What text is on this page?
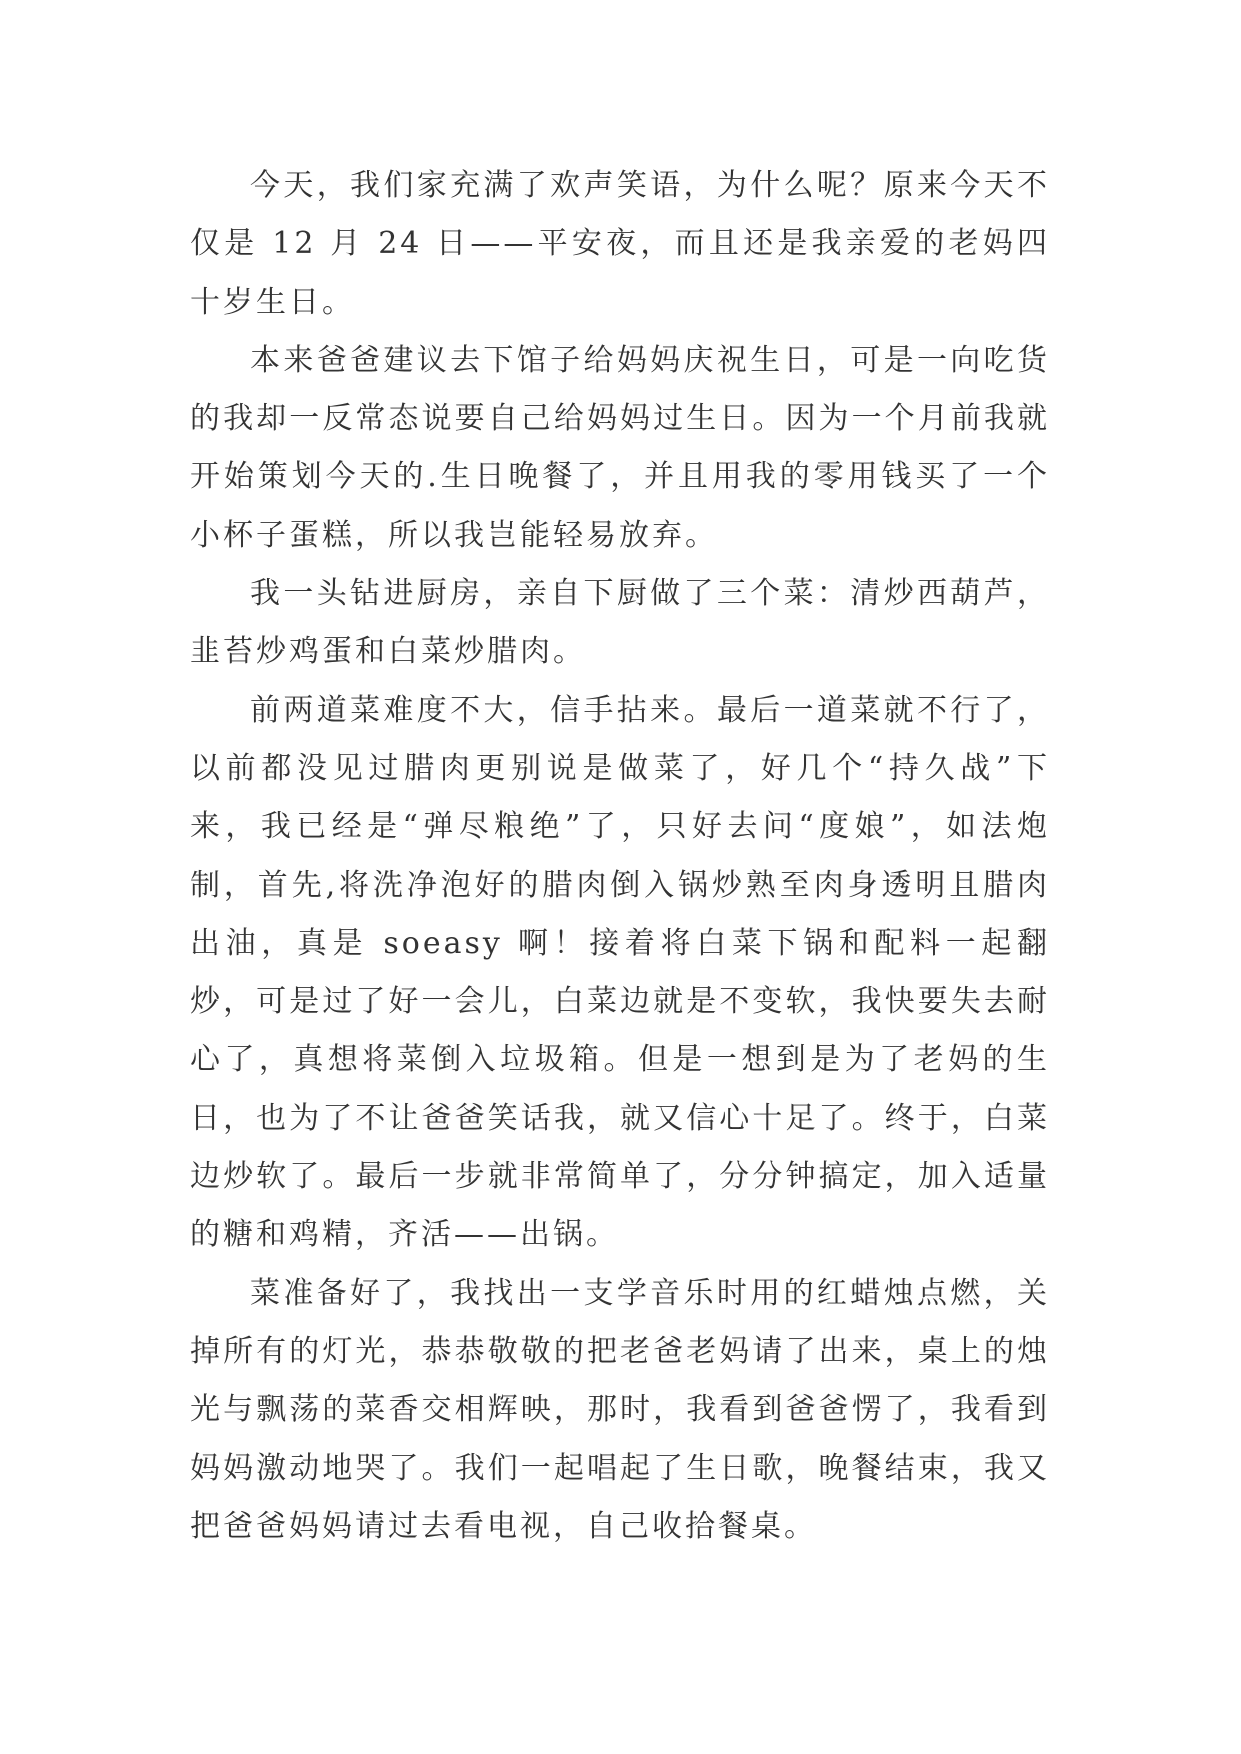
今天，我们家充满了欢声笑语，为什么呢？原来今天不仅是 12 月 24 日——平安夜，而且还是我亲爱的老妈四十岁生日。

本来爸爸建议去下馆子给妈妈庆祝生日，可是一向吃货的我却一反常态说要自己给妈妈过生日。因为一个月前我就开始策划今天的.生日晚餐了，并且用我的零用钱买了一个小杯子蛋糕，所以我岂能轻易放弃。

我一头钻进厨房，亲自下厨做了三个菜：清炒西葫芦，韭苔炒鸡蛋和白菜炒腊肉。

前两道菜难度不大，信手拈来。最后一道菜就不行了，以前都没见过腊肉更别说是做菜了，好几个“持久战”下来，我已经是“弹尽粮绝”了，只好去问“度娘”，如法炮制，首先,将洗净泡好的腊肉倒入锅炒熟至肉身透明且腊肉出油，真是 soeasy 啊！接着将白菜下锅和配料一起翻炒，可是过了好一会儿，白菜边就是不变软，我快要失去耐心了，真想将菜倒入垃圾箱。但是一想到是为了老妈的生日，也为了不让爸爸笑话我，就又信心十足了。终于，白菜边炒软了。最后一步就非常简单了，分分钟搞定，加入适量的糖和鸡精，齐活——出锅。

菜准备好了，我找出一支学音乐时用的红蜡烛点燃，关掉所有的灯光，恭恭敬敬的把老爸老妈请了出来，桌上的烛光与飘荡的菜香交相辉映，那时，我看到爸爸愣了，我看到妈妈激动地哭了。我们一起唱起了生日歌，晚餐结束，我又把爸爸妈妈请过去看电视，自己收拾餐桌。
